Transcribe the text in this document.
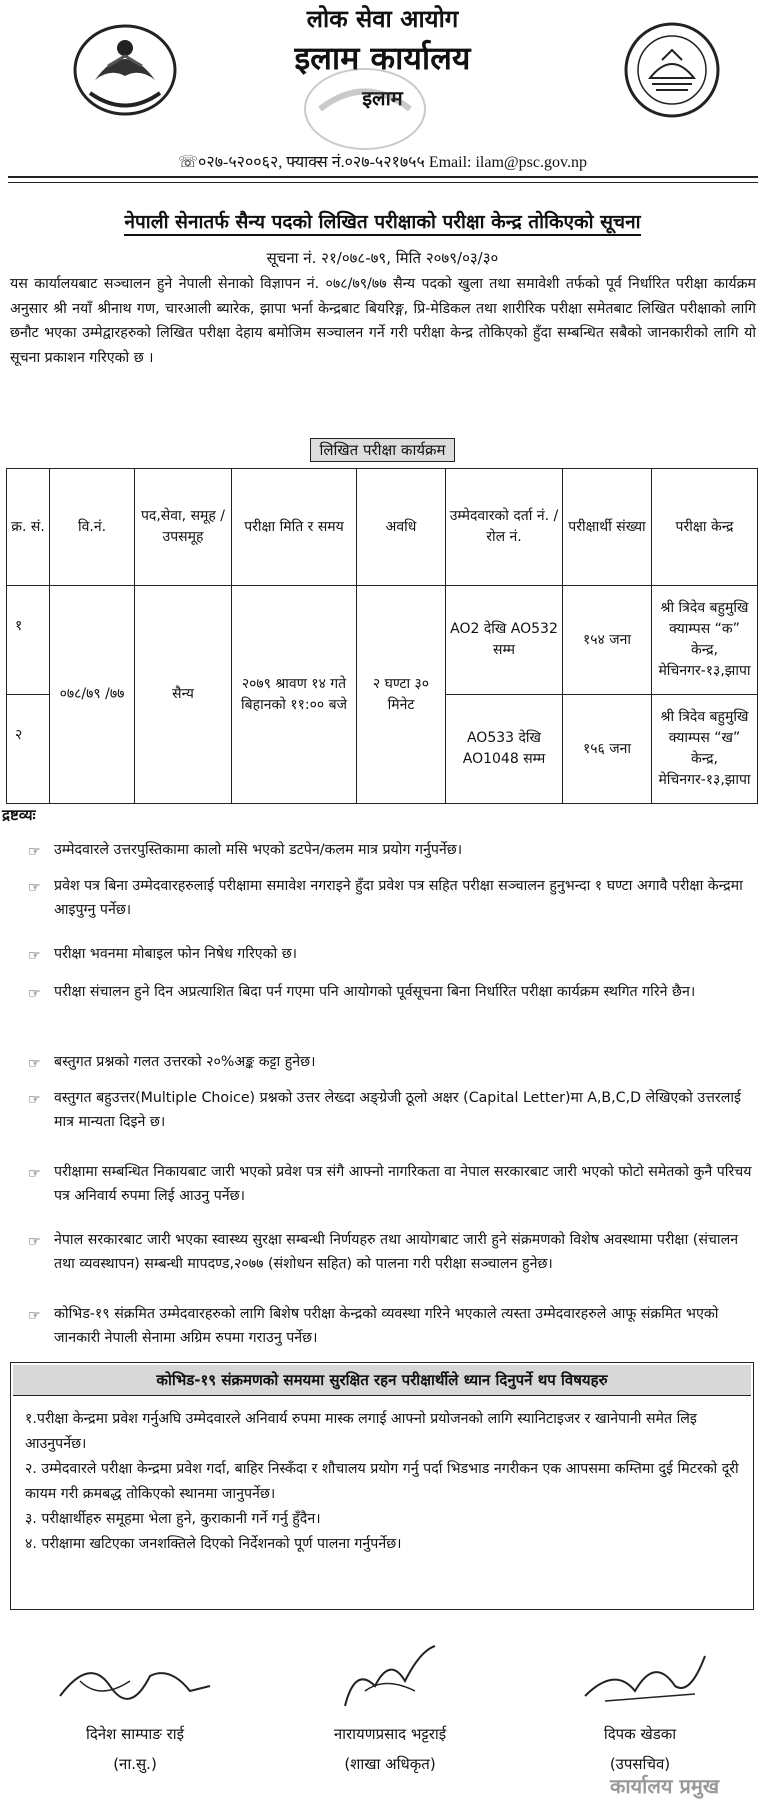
लोक सेवा आयोग
इलाम कार्यालय
इलाम
☏०२७-५२००६२, फ्याक्स नं.०२७-५२१७५५ Email: ilam@psc.gov.np
नेपाली सेनातर्फ सैन्य पदको लिखित परीक्षाको परीक्षा केन्द्र तोकिएको सूचना
सूचना नं. २१/०७८-७९, मिति २०७९/०३/३०
यस कार्यालयबाट सञ्चालन हुने नेपाली सेनाको विज्ञापन नं. ०७८/७९/७७ सैन्य पदको खुला तथा समावेशी तर्फको पूर्व निर्धारित परीक्षा कार्यक्रम अनुसार श्री नयाँ श्रीनाथ गण, चारआली ब्यारेक, झापा भर्ना केन्द्रबाट बियरिङ्ग, प्रि-मेडिकल तथा शारीरिक परीक्षा समेतबाट लिखित परीक्षाको लागि छनौट भएका उम्मेद्वारहरुको लिखित परीक्षा देहाय बमोजिम सञ्चालन गर्ने गरी परीक्षा केन्द्र तोकिएको हुँदा सम्बन्धित सबैको जानकारीको लागि यो सूचना प्रकाशन गरिएको छ ।
लिखित परीक्षा कार्यक्रम
क्र. सं.	वि.नं.	पद,सेवा, समूह / उपसमूह	परीक्षा मिति र समय	अवधि	उम्मेदवारको दर्ता नं. / रोल नं.	परीक्षार्थी संख्या	परीक्षा केन्द्र
१	०७८/७९ /७७	सैन्य	२०७९ श्रावण १४ गते बिहानको ११:०० बजे	२ घण्टा ३० मिनेट	AO2 देखि AO532 सम्म	१५४ जना	श्री त्रिदेव बहुमुखि क्याम्पस “क” केन्द्र, मेचिनगर-१३,झापा
२					AO533 देखि AO1048 सम्म	१५६ जना	श्री त्रिदेव बहुमुखि क्याम्पस “ख” केन्द्र, मेचिनगर-१३,झापा
द्रष्टव्यः
☞ उम्मेदवारले उत्तरपुस्तिकामा कालो मसि भएको डटपेन/कलम मात्र प्रयोग गर्नुपर्नेछ।
☞ प्रवेश पत्र बिना उम्मेदवारहरुलाई परीक्षामा समावेश नगराइने हुँदा प्रवेश पत्र सहित परीक्षा सञ्चालन हुनुभन्दा १ घण्टा अगावै परीक्षा केन्द्रमा आइपुग्नु पर्नेछ।
☞ परीक्षा भवनमा मोबाइल फोन निषेध गरिएको छ।
☞ परीक्षा संचालन हुने दिन अप्रत्याशित बिदा पर्न गएमा पनि आयोगको पूर्वसूचना बिना निर्धारित परीक्षा कार्यक्रम स्थगित गरिने छैन।
☞ बस्तुगत प्रश्नको गलत उत्तरको २०%अङ्क कट्टा हुनेछ।
☞ वस्तुगत बहुउत्तर(Multiple Choice) प्रश्नको उत्तर लेख्दा अङ्ग्रेजी ठूलो अक्षर (Capital Letter)मा A,B,C,D लेखिएको उत्तरलाई मात्र मान्यता दिइने छ।
☞ परीक्षामा सम्बन्धित निकायबाट जारी भएको प्रवेश पत्र संगै आफ्नो नागरिकता वा नेपाल सरकारबाट जारी भएको फोटो समेतको कुनै परिचय पत्र अनिवार्य रुपमा लिई आउनु पर्नेछ।
☞ नेपाल सरकारबाट जारी भएका स्वास्थ्य सुरक्षा सम्बन्धी निर्णयहरु तथा आयोगबाट जारी हुने संक्रमणको विशेष अवस्थामा परीक्षा (संचालन तथा व्यवस्थापन) सम्बन्धी मापदण्ड,२०७७ (संशोधन सहित) को पालना गरी परीक्षा सञ्चालन हुनेछ।
☞ कोभिड-१९ संक्रमित उम्मेदवारहरुको लागि बिशेष परीक्षा केन्द्रको व्यवस्था गरिने भएकाले त्यस्ता उम्मेदवारहरुले आफू संक्रमित भएको जानकारी नेपाली सेनामा अग्रिम रुपमा गराउनु पर्नेछ।
कोभिड-१९ संक्रमणको समयमा सुरक्षित रहन परीक्षार्थीले ध्यान दिनुपर्ने थप विषयहरु
१.परीक्षा केन्द्रमा प्रवेश गर्नुअघि उम्मेदवारले अनिवार्य रुपमा मास्क लगाई आफ्नो प्रयोजनको लागि स्यानिटाइजर र खानेपानी समेत लिइ आउनुपर्नेछ।
२. उम्मेदवारले परीक्षा केन्द्रमा प्रवेश गर्दा, बाहिर निस्कँदा र शौचालय प्रयोग गर्नु पर्दा भिडभाड नगरीकन एक आपसमा कम्तिमा दुई मिटरको दूरी कायम गरी क्रमबद्ध तोकिएको स्थानमा जानुपर्नेछ।
३. परीक्षार्थीहरु समूहमा भेला हुने, कुराकानी गर्ने गर्नु हुँदैन।
४. परीक्षामा खटिएका जनशक्तिले दिएको निर्देशनको पूर्ण पालना गर्नुपर्नेछ।
दिनेश साम्पाङ राई
(ना.सु.)
नारायणप्रसाद भट्टराई
(शाखा अधिकृत)
दिपक खेडका
(उपसचिव)
कार्यालय प्रमुख
